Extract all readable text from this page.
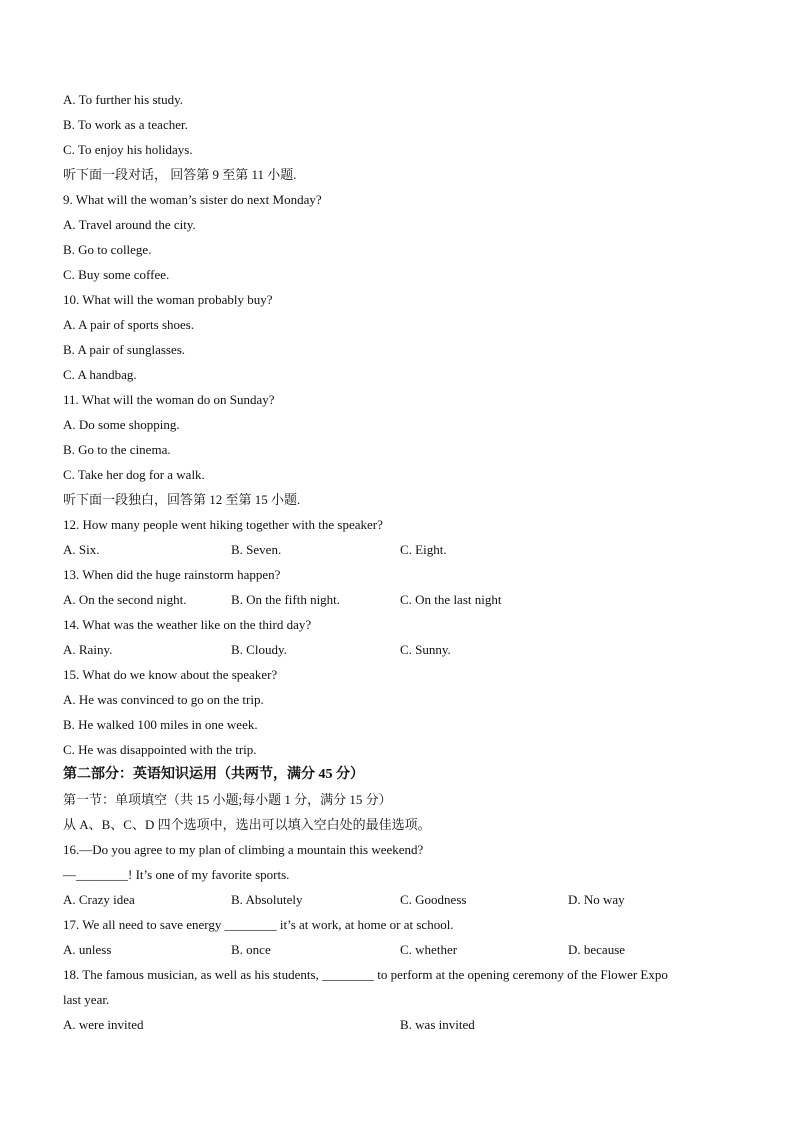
A. To further his study.
B. To work as a teacher.
C. To enjoy his holidays.
听下面一段对话， 回答第 9 至第 11 小题.
9. What will the woman’s sister do next Monday?
A. Travel around the city.
B. Go to college.
C. Buy some coffee.
10. What will the woman probably buy?
A. A pair of sports shoes.
B. A pair of sunglasses.
C. A handbag.
11. What will the woman do on Sunday?
A. Do some shopping.
B. Go to the cinema.
C. Take her dog for a walk.
听下面一段独白，回答第 12 至第 15 小题.
12. How many people went hiking together with the speaker?
A. Six.	B. Seven.	C. Eight.
13. When did the huge rainstorm happen?
A. On the second night.	B. On the fifth night.	C. On the last night
14. What was the weather like on the third day?
A. Rainy.	B. Cloudy.	C. Sunny.
15. What do we know about the speaker?
A. He was convinced to go on the trip.
B. He walked 100 miles in one week.
C. He was disappointed with the trip.
第二部分：英语知识运用（共两节，满分 45 分）
第一节：单项填空（共 15 小题;每小题 1 分，满分 15 分）
从 A、B、C、D 四个选项中，选出可以填入空白处的最佳选项。
16.—Do you agree to my plan of climbing a mountain this weekend?
—________! It’s one of my favorite sports.
A. Crazy idea	B. Absolutely	C. Goodness	D. No way
17. We all need to save energy ________ it’s at work, at home or at school.
A. unless	B. once	C. whether	D. because
18. The famous musician, as well as his students, ________ to perform at the opening ceremony of the Flower Expo
last year.
A. were invited	B. was invited
